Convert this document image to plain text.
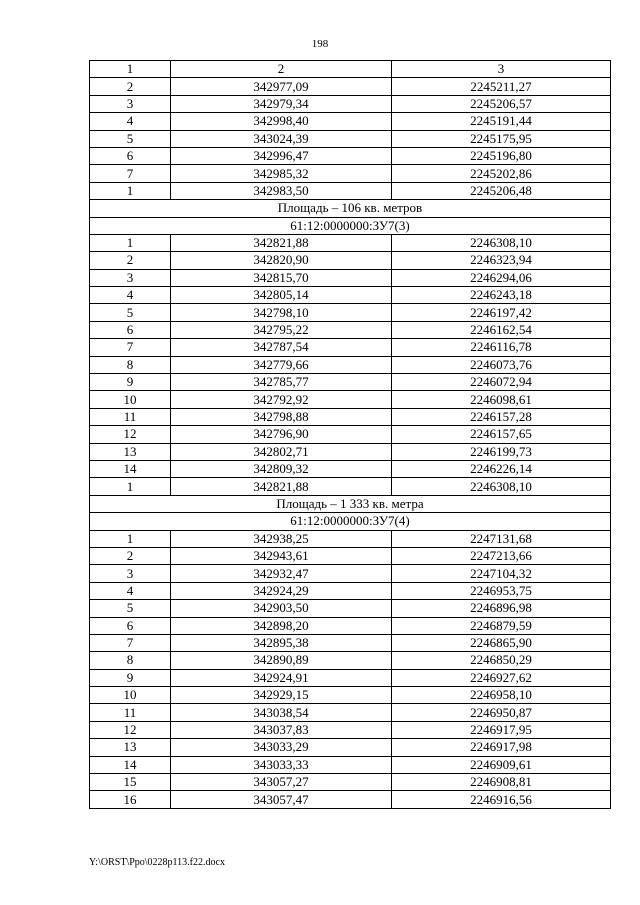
198
1	2	3
2	342977,09	2245211,27
3	342979,34	2245206,57
4	342998,40	2245191,44
5	343024,39	2245175,95
6	342996,47	2245196,80
7	342985,32	2245202,86
1	342983,50	2245206,48
Площадь – 106 кв. метров		
61:12:0000000:ЗУ7(3)		
1	342821,88	2246308,10
2	342820,90	2246323,94
3	342815,70	2246294,06
4	342805,14	2246243,18
5	342798,10	2246197,42
6	342795,22	2246162,54
7	342787,54	2246116,78
8	342779,66	2246073,76
9	342785,77	2246072,94
10	342792,92	2246098,61
11	342798,88	2246157,28
12	342796,90	2246157,65
13	342802,71	2246199,73
14	342809,32	2246226,14
1	342821,88	2246308,10
Площадь – 1 333 кв. метра		
61:12:0000000:ЗУ7(4)		
1	342938,25	2247131,68
2	342943,61	2247213,66
3	342932,47	2247104,32
4	342924,29	2246953,75
5	342903,50	2246896,98
6	342898,20	2246879,59
7	342895,38	2246865,90
8	342890,89	2246850,29
9	342924,91	2246927,62
10	342929,15	2246958,10
11	343038,54	2246950,87
12	343037,83	2246917,95
13	343033,29	2246917,98
14	343033,33	2246909,61
15	343057,27	2246908,81
16	343057,47	2246916,56
Y:\ORST\Ppo\0228p113.f22.docx
